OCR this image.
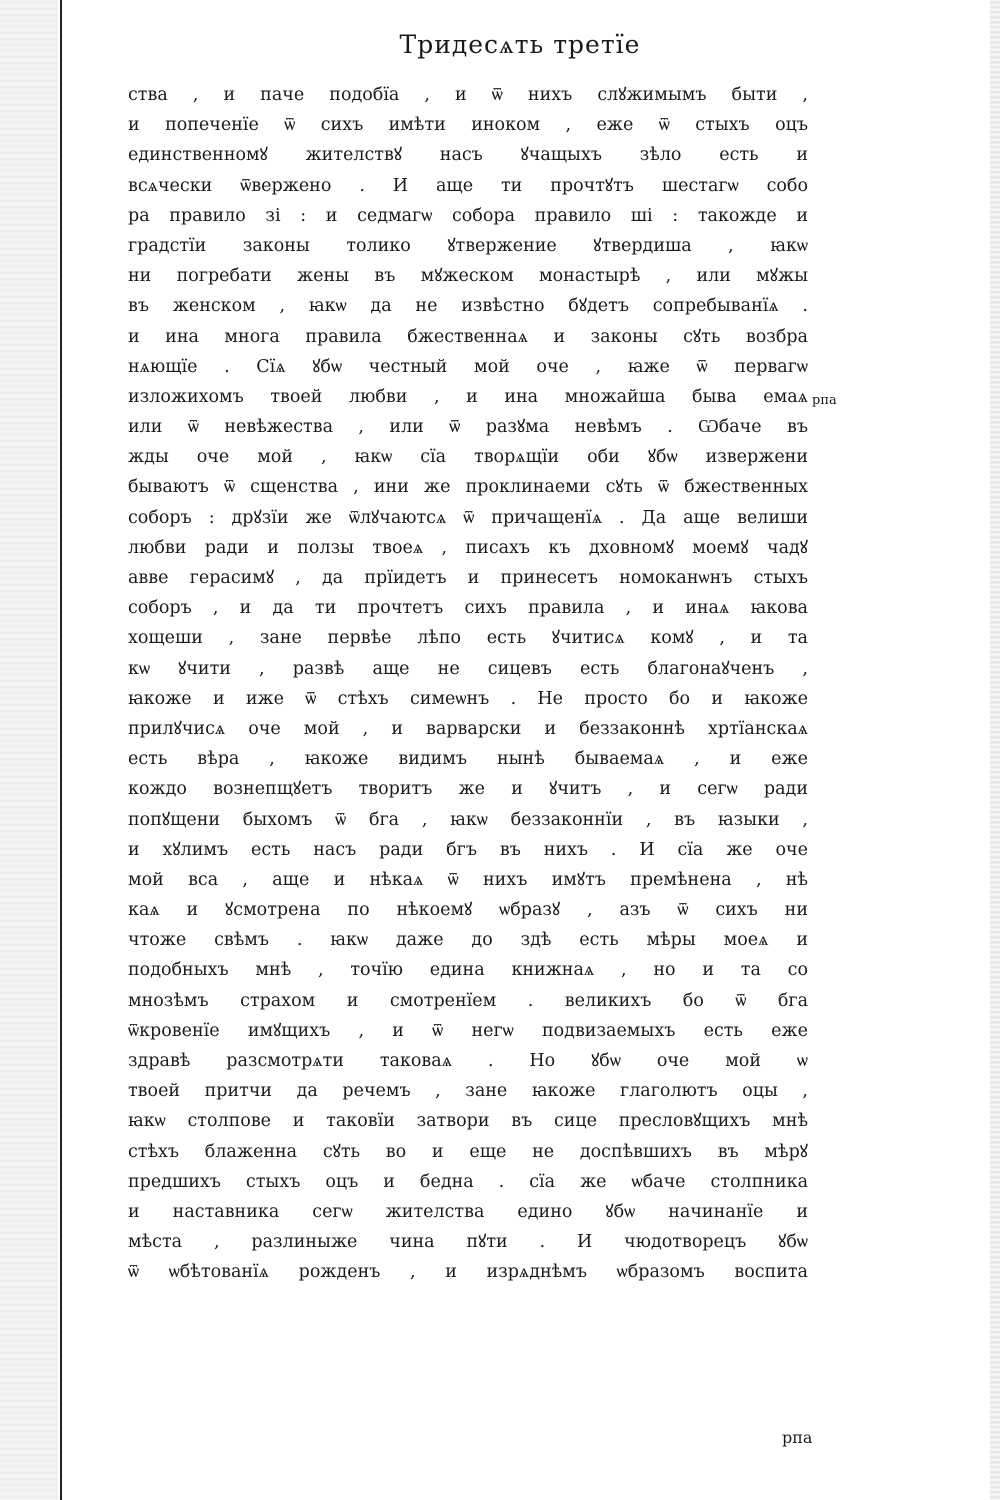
Тридесѧть третїе
ства , и паче подобїа , и ѿ нихъ слꙋжимымъ быти ,
и попеченїе ѿ сихъ имѣти иноком , еже ѿ стыхъ оцъ
единственномꙋ жителствꙋ насъ ꙋчащыхъ зѣло есть и
всѧчески ѿвержено . И аще ти прочтꙋтъ шестагѡ собо
ра правило зі : и седмагѡ собора правило ші : такожде и
градстїи законы толико ꙋтвержение ꙋтвердиша , ꙗкѡ
ни погребати жены въ мꙋжеском монастырѣ , или мꙋжы
въ женском , ꙗкѡ да не извѣстно бꙋдетъ сопребыванїѧ .
и ина многа правила бжественнаѧ и законы сꙋть возбра
нѧющїе . Сїѧ ꙋбѡ честный мой оче , ꙗже ѿ первагѡ
изложихомъ твоей любви , и ина множайша быва емаѧ
или ѿ невѣжества , или ѿ разꙋма невѣмъ . Ѡбаче въ
жды оче мой , ꙗкѡ сїа творѧщїи оби ꙋбѡ извержени
бываютъ ѿ сщенства , ини же проклинаеми сꙋть ѿ бжественных
соборъ : дрꙋзїи же ѿлꙋчаютсѧ ѿ причащенїѧ . Да аще велиши
любви ради и ползы твоеѧ , писахъ къ дховномꙋ моемꙋ чадꙋ
авве герасимꙋ , да прїидетъ и принесетъ номоканѡнъ стыхъ
соборъ , и да ти прочтетъ сихъ правила , и инаѧ ꙗкова
хощеши , зане первѣе лѣпо есть ꙋчитисѧ комꙋ , и та
кѡ ꙋчити , развѣ аще не сицевъ есть благонаꙋченъ ,
ꙗкоже и иже ѿ стѣхъ симеѡнъ . Не просто бо и ꙗкоже
прилꙋчисѧ оче мой , и варварски и беззаконнѣ хртїанскаѧ
есть вѣра , ꙗкоже видимъ нынѣ бываемаѧ , и еже
кождо вознепщꙋетъ творитъ же и ꙋчитъ , и сегѡ ради
попꙋщени быхомъ ѿ бга , ꙗкѡ беззаконнїи , въ ꙗзыки ,
и хꙋлимъ есть насъ ради бгъ въ нихъ . И сїа же оче
мой вса , аще и нѣкаѧ ѿ нихъ имꙋтъ премѣнена , нѣ
каѧ и ꙋсмотрена по нѣкоемꙋ ѡбразꙋ , азъ ѿ сихъ ни
чтоже свѣмъ . ꙗкѡ даже до здѣ есть мѣры моеѧ и
подобныхъ мнѣ , точїю едина книжнаѧ , но и та со
мнозѣмъ страхом и смотренїем . великихъ бо ѿ бга
ѿкровенїе имꙋщихъ , и ѿ негѡ подвизаемыхъ есть еже
здравѣ разсмотрѧти таковаѧ . Но ꙋбѡ оче мой ѡ
твоей притчи да речемъ , зане ꙗкоже глаголютъ оцы ,
ꙗкѡ столпове и таковїи затвори въ сице пресловꙋщихъ мнѣ
стѣхъ блаженна сꙋть во и еще не доспѣвшихъ въ мѣрꙋ
предшихъ стыхъ оцъ и бедна . сїа же ѡбаче столпника
и наставника сегѡ жителства едино ꙋбѡ начинанїе и
мѣста , разлиныже чина пꙋти . И чюдотворецъ ꙋбѡ
ѿ ѡбѣтованїѧ рожденъ , и изрѧднѣмъ ѡбразомъ воспита
рпа
рпа
